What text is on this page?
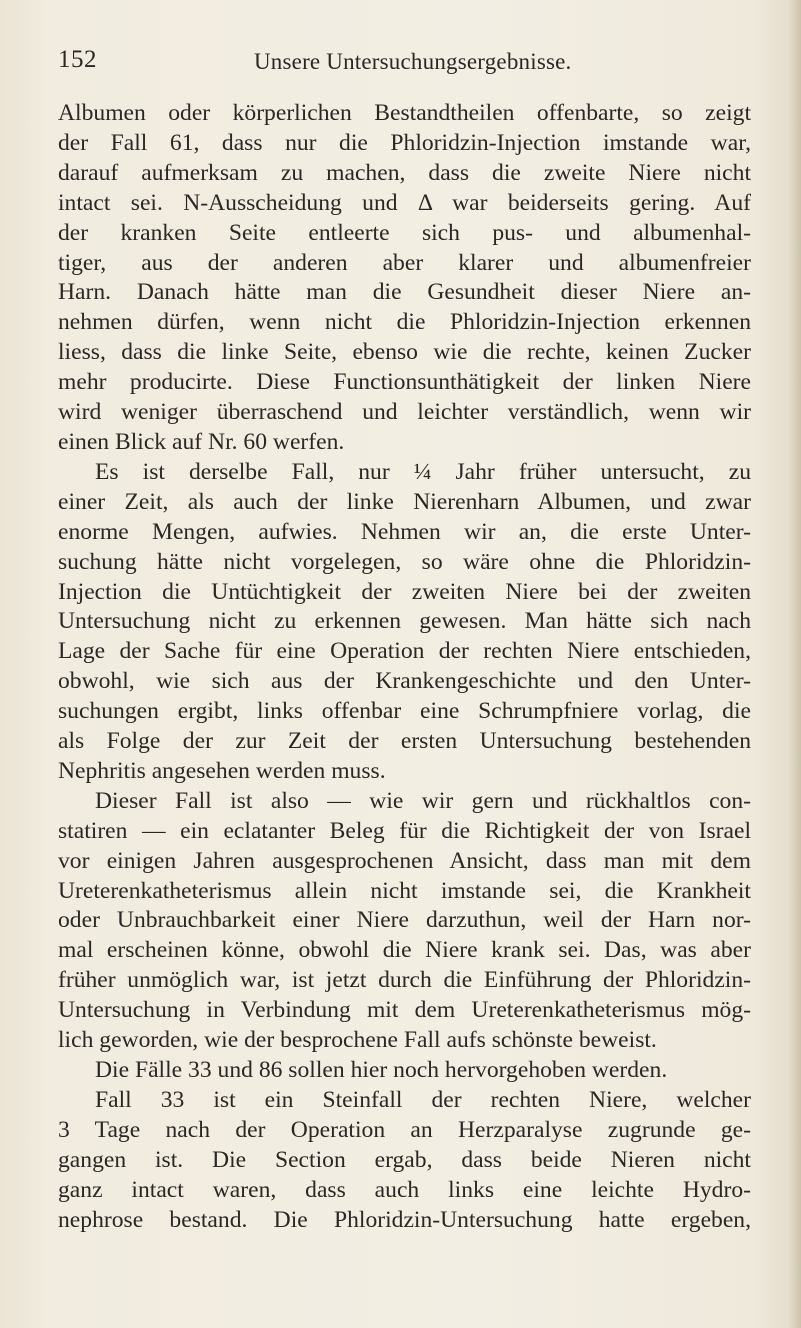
152	Unsere Untersuchungsergebnisse.
Albumen oder körperlichen Bestandtheilen offenbarte, so zeigt
der Fall 61, dass nur die Phloridzin-Injection imstande war,
darauf aufmerksam zu machen, dass die zweite Niere nicht
intact sei. N-Ausscheidung und Δ war beiderseits gering. Auf
der kranken Seite entleerte sich pus- und albumenhal-
tiger, aus der anderen aber klarer und albumenfreier
Harn. Danach hätte man die Gesundheit dieser Niere an-
nehmen dürfen, wenn nicht die Phloridzin-Injection erkennen
liess, dass die linke Seite, ebenso wie die rechte, keinen Zucker
mehr producirte. Diese Functionsunthätigkeit der linken Niere
wird weniger überraschend und leichter verständlich, wenn wir
einen Blick auf Nr. 60 werfen.
Es ist derselbe Fall, nur ¼ Jahr früher untersucht, zu
einer Zeit, als auch der linke Nierenharn Albumen, und zwar
enorme Mengen, aufwies. Nehmen wir an, die erste Unter-
suchung hätte nicht vorgelegen, so wäre ohne die Phloridzin-
Injection die Untüchtigkeit der zweiten Niere bei der zweiten
Untersuchung nicht zu erkennen gewesen. Man hätte sich nach
Lage der Sache für eine Operation der rechten Niere entschieden,
obwohl, wie sich aus der Krankengeschichte und den Unter-
suchungen ergibt, links offenbar eine Schrumpfniere vorlag, die
als Folge der zur Zeit der ersten Untersuchung bestehenden
Nephritis angesehen werden muss.
Dieser Fall ist also — wie wir gern und rückhaltlos con-
statiren — ein eclatanter Beleg für die Richtigkeit der von Israel
vor einigen Jahren ausgesprochenen Ansicht, dass man mit dem
Ureterenkatheterismus allein nicht imstande sei, die Krankheit
oder Unbrauchbarkeit einer Niere darzuthun, weil der Harn nor-
mal erscheinen könne, obwohl die Niere krank sei. Das, was aber
früher unmöglich war, ist jetzt durch die Einführung der Phloridzin-
Untersuchung in Verbindung mit dem Ureterenkatheterismus mög-
lich geworden, wie der besprochene Fall aufs schönste beweist.
Die Fälle 33 und 86 sollen hier noch hervorgehoben werden.
Fall 33 ist ein Steinfall der rechten Niere, welcher
3 Tage nach der Operation an Herzparalyse zugrunde ge-
gangen ist. Die Section ergab, dass beide Nieren nicht
ganz intact waren, dass auch links eine leichte Hydro-
nephrose bestand. Die Phloridzin-Untersuchung hatte ergeben,
